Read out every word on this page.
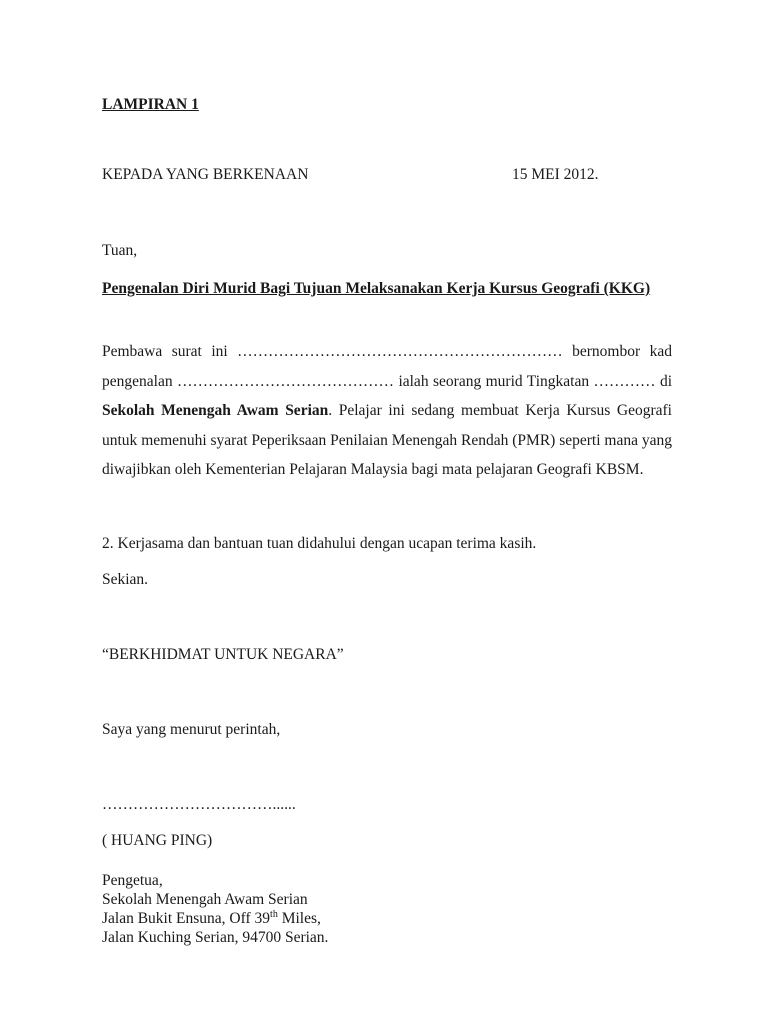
LAMPIRAN 1
KEPADA YANG BERKENAAN	15 MEI 2012.
Tuan,
Pengenalan Diri Murid Bagi Tujuan Melaksanakan Kerja Kursus Geografi (KKG)
Pembawa surat ini ……………………………………………………… bernombor kad pengenalan …………………………………… ialah seorang murid Tingkatan ………… di Sekolah Menengah Awam Serian. Pelajar ini sedang membuat Kerja Kursus Geografi untuk memenuhi syarat Peperiksaan Penilaian Menengah Rendah (PMR) seperti mana yang diwajibkan oleh Kementerian Pelajaran Malaysia bagi mata pelajaran Geografi KBSM.
2. Kerjasama dan bantuan tuan didahului dengan ucapan terima kasih.
Sekian.
“BERKHIDMAT UNTUK NEGARA”
Saya yang menurut perintah,
……………………………......
( HUANG PING)
Pengetua,
Sekolah Menengah Awam Serian
Jalan Bukit Ensuna, Off 39th Miles,
Jalan Kuching Serian, 94700 Serian.
